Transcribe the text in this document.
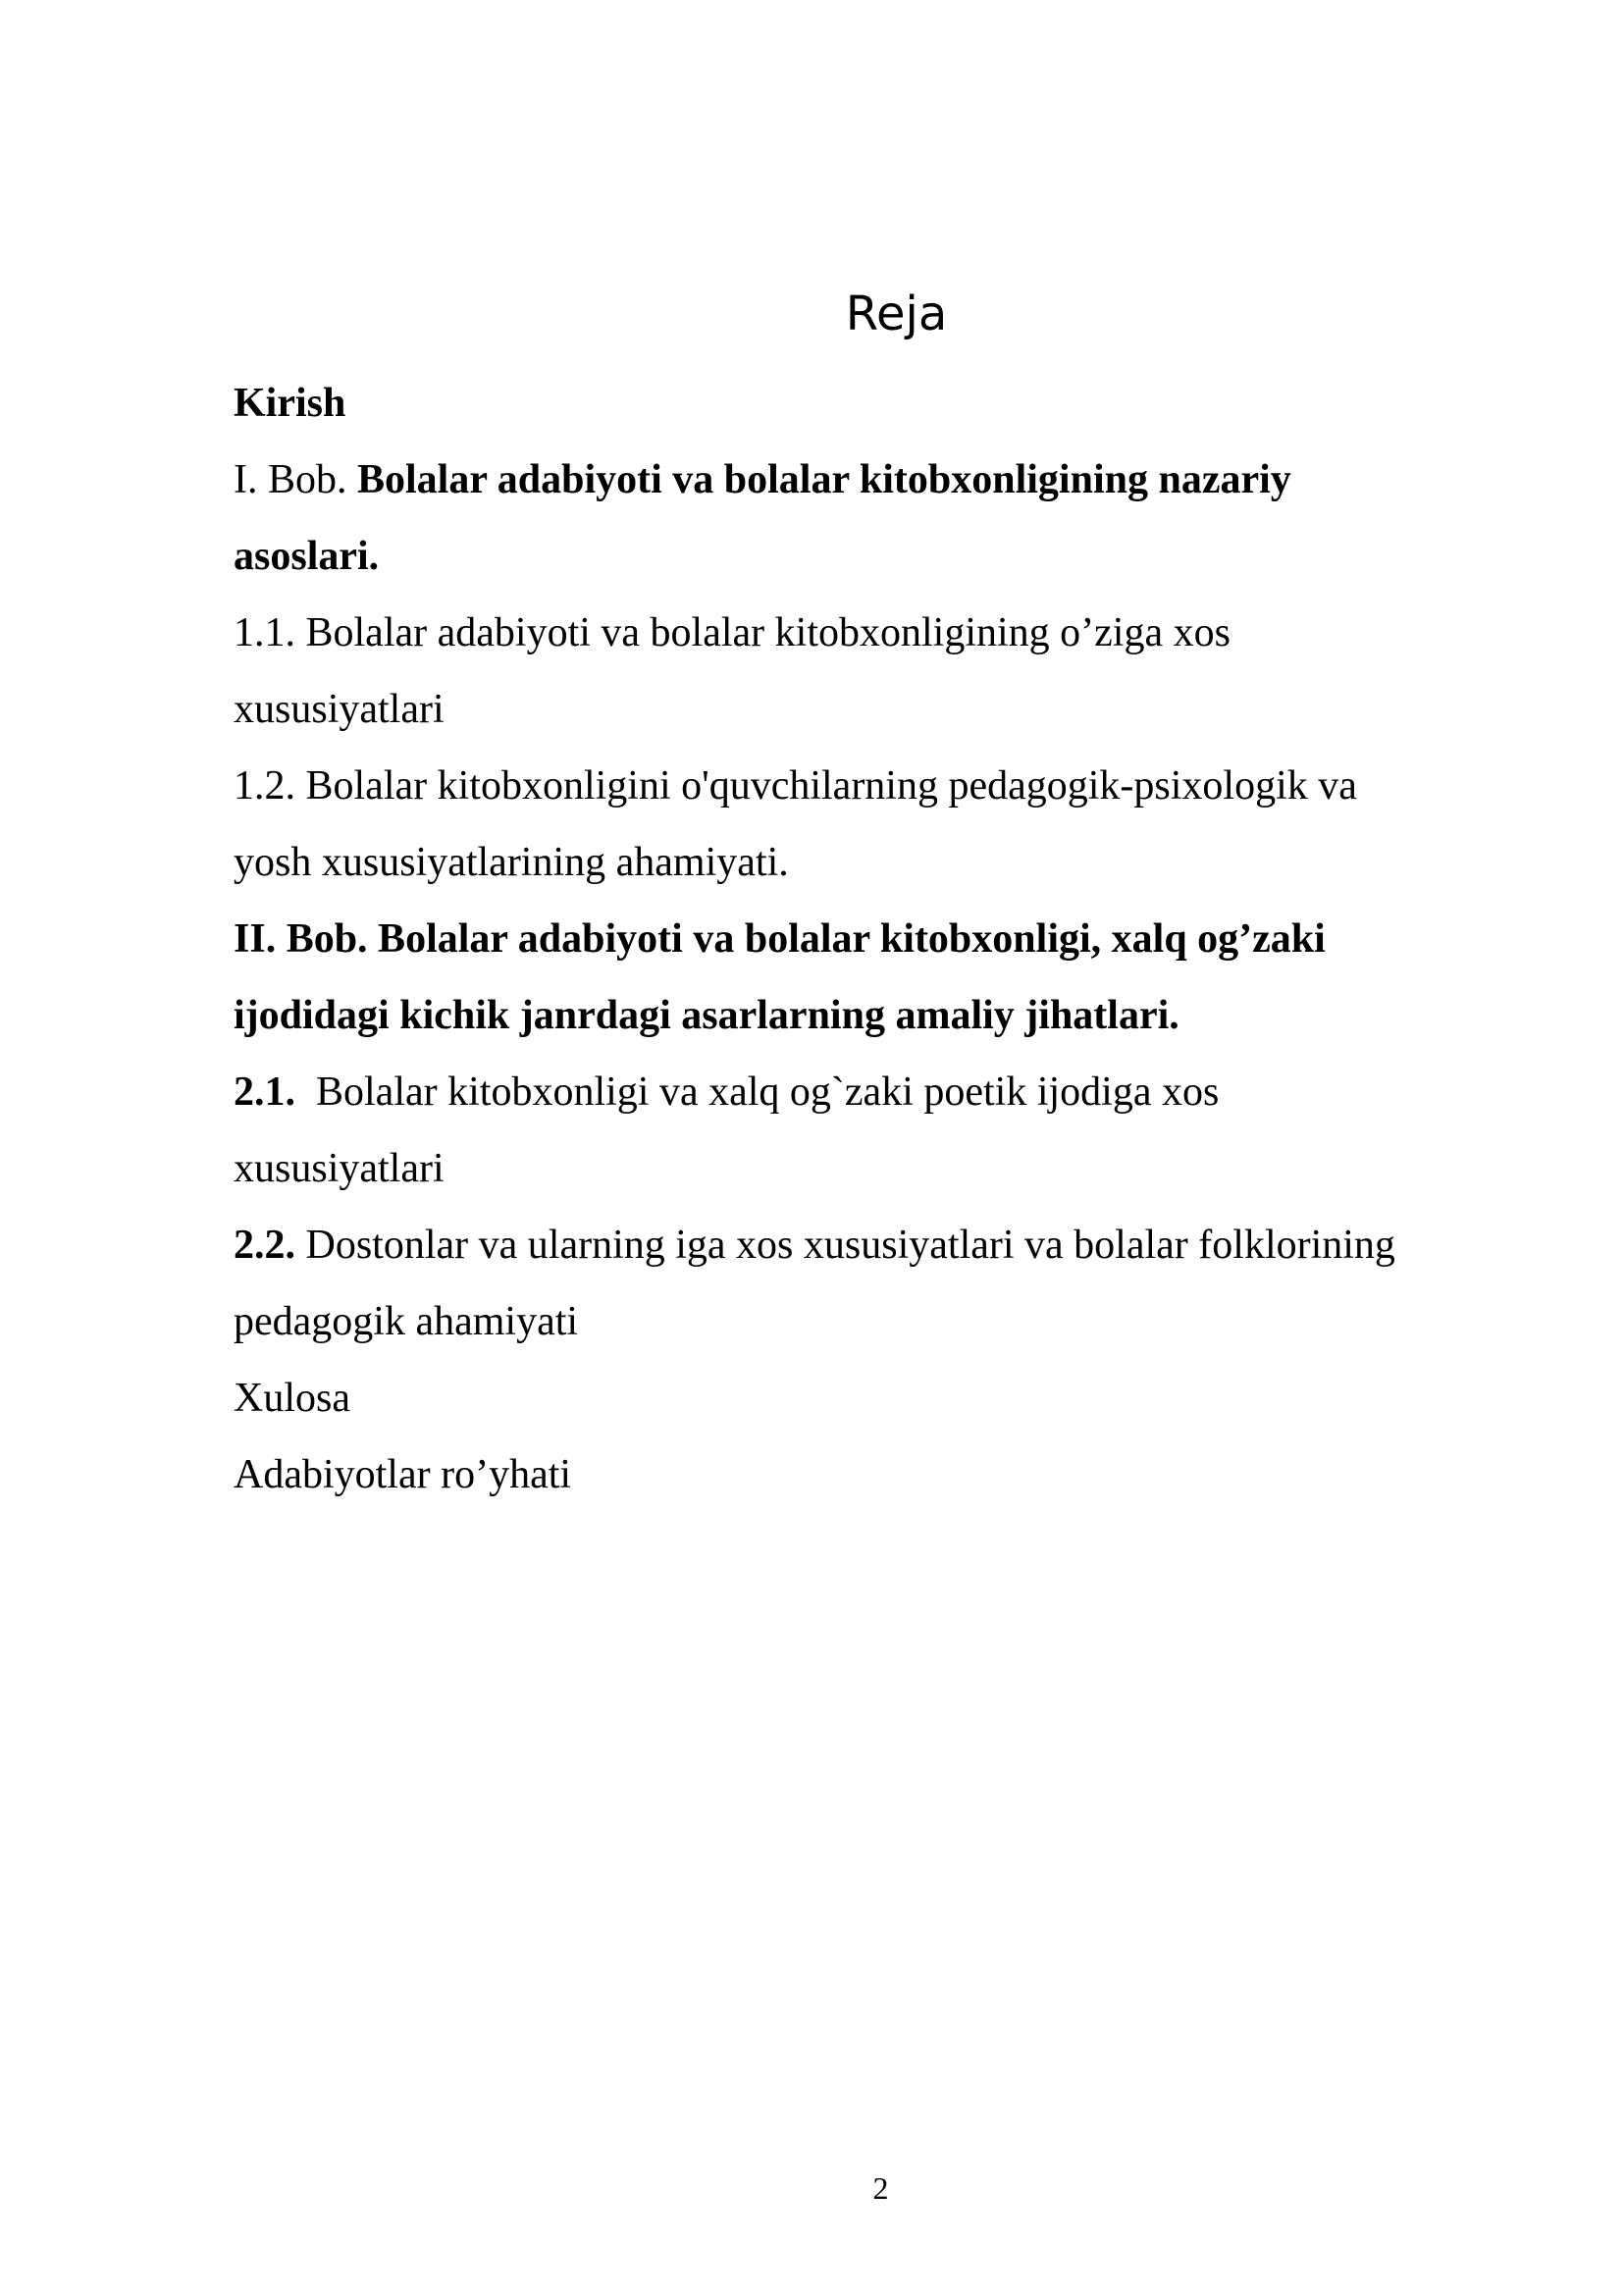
Reja
Kirish
I. Bob. Bolalar adabiyoti va bolalar kitobxonligining nazariy
asoslari.
1.1. Bolalar adabiyoti va bolalar kitobxonligining o’ziga xos
xususiyatlari
1.2. Bolalar kitobxonligini o'quvchilarning pedagogik-psixologik va
yosh xususiyatlarining ahamiyati.
II. Bob. Bolalar adabiyoti va bolalar kitobxonligi, xalq og’zaki
ijodidagi kichik janrdagi asarlarning amaliy jihatlari.
2.1. Bolalar kitobxonligi va xalq og`zaki poetik ijodiga xos
xususiyatlari
2.2. Dostonlar va ularning iga xos xususiyatlari va bolalar folklorining
pedagogik ahamiyati
Xulosa
Adabiyotlar ro’yhati
2
